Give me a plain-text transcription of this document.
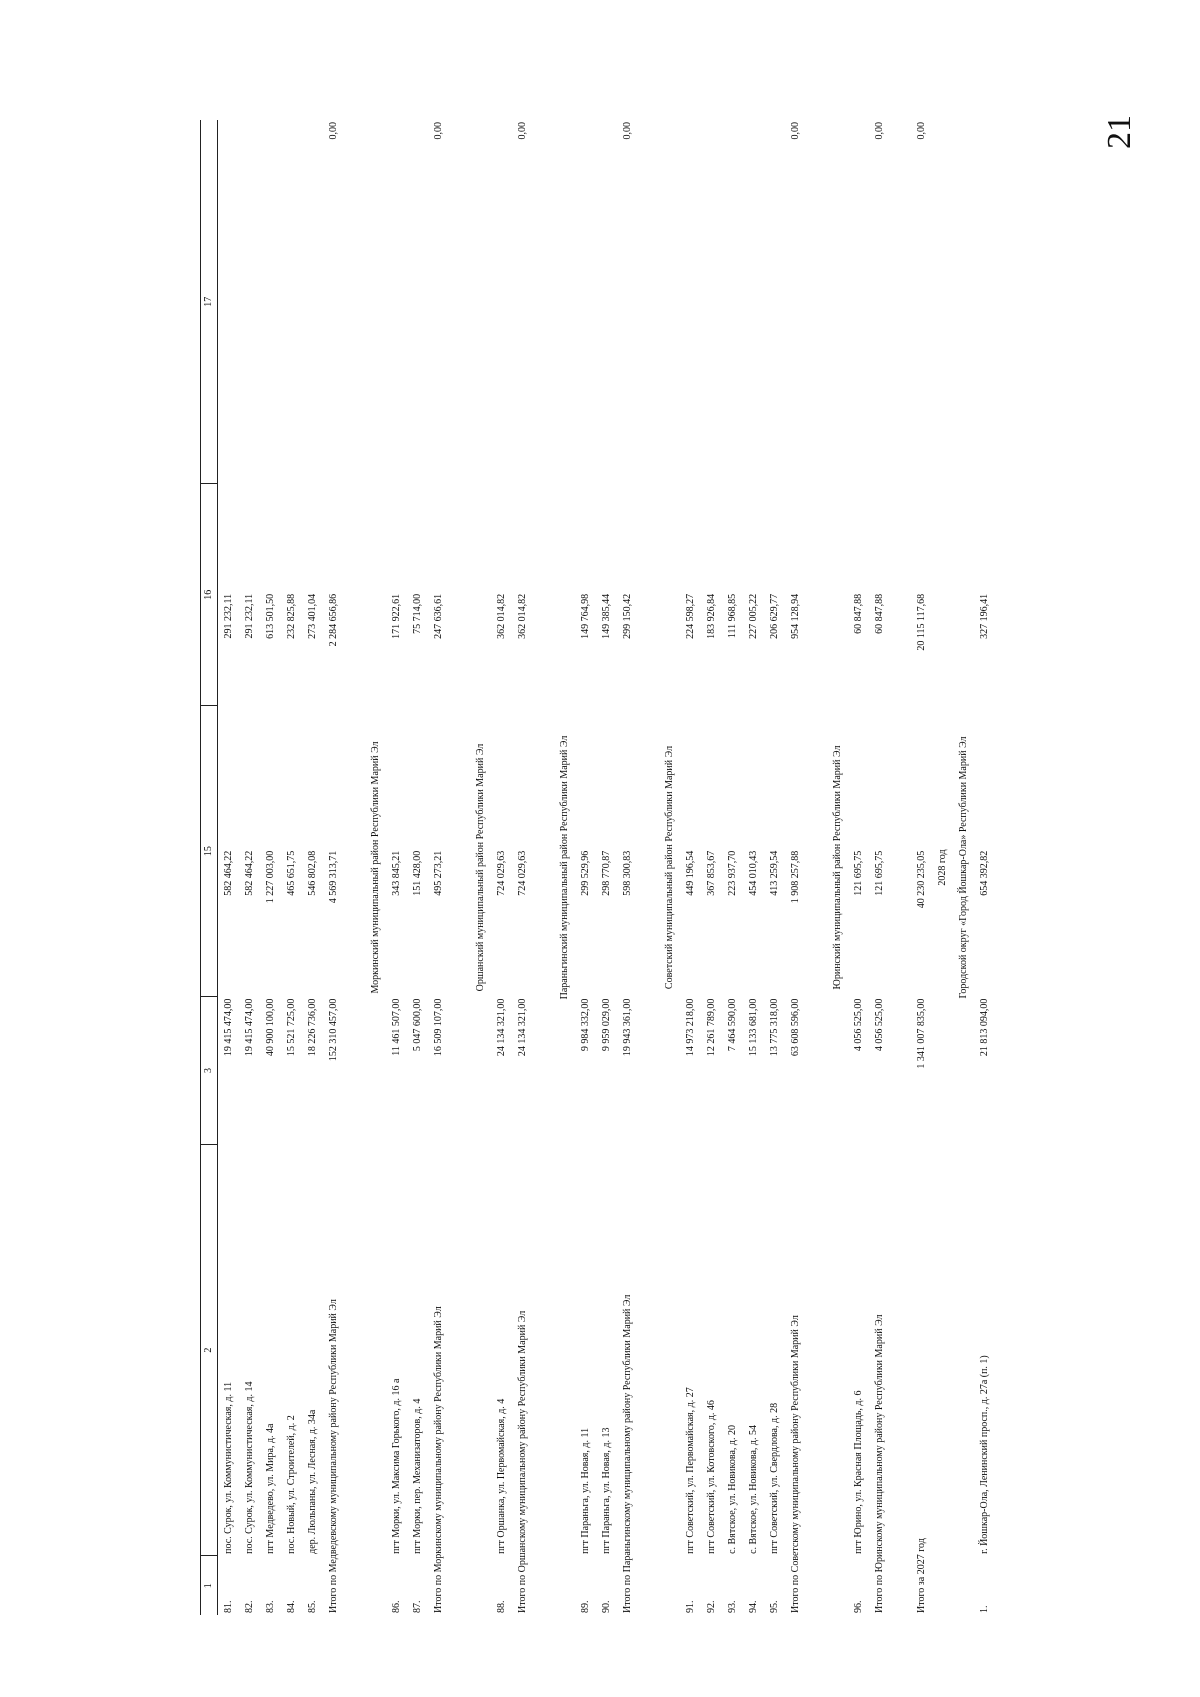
21
1	2	3	15		16		17	
81.	пос. Сурок, ул. Коммунистическая, д. 11	19 415 474,00	582 464,22		291 232,11			
82.	пос. Сурок, ул. Коммунистическая, д. 14	19 415 474,00	582 464,22		291 232,11			
83.	пгт Медведево, ул. Мира, д. 4а	40 900 100,00	1 227 003,00		613 501,50			
84.	пос. Новый, ул. Строителей, д. 2	15 521 725,00	465 651,75		232 825,88			
85.	дер. Люльпаны, ул. Лесная, д. 34а	18 226 736,00	546 802,08		273 401,04			
Итого по Медведевскому муниципальному району Республики Марий Эл		152 310 457,00	4 569 313,71		2 284 656,86			0,00

Моркинский муниципальный район Республики Марий Эл								
86.	пгт Морки, ул. Максима Горького, д. 16 а	11 461 507,00	343 845,21		171 922,61			
87.	пгт Морки, пер. Механизаторов, д. 4	5 047 600,00	151 428,00		75 714,00			
Итого по Моркинскому муниципальному району Республики Марий Эл		16 509 107,00	495 273,21		247 636,61			0,00

Оршанский муниципальный район Республики Марий Эл								
88.	пгт Оршанка, ул. Первомайская, д. 4	24 134 321,00	724 029,63		362 014,82			
Итого по Оршанскому муниципальному району Республики Марий Эл		24 134 321,00	724 029,63		362 014,82			0,00

Параньгинский муниципальный район Республики Марий Эл								
89.	пгт Параньга, ул. Новая, д. 11	9 984 332,00	299 529,96		149 764,98			
90.	пгт Параньга, ул. Новая, д. 13	9 959 029,00	298 770,87		149 385,44			
Итого по Параньгинскому муниципальному району Республики Марий Эл		19 943 361,00	598 300,83		299 150,42			0,00

Советский муниципальный район Республики Марий Эл								
91.	пгт Советский, ул. Первомайская, д. 27	14 973 218,00	449 196,54		224 598,27			
92.	пгт Советский, ул. Котовского, д. 46	12 261 789,00	367 853,67		183 926,84			
93.	с. Вятское, ул. Новикова, д. 20	7 464 590,00	223 937,70		111 968,85			
94.	с. Вятское, ул. Новикова, д. 54	15 133 681,00	454 010,43		227 005,22			
95.	пгт Советский, ул. Свердлова, д. 28	13 775 318,00	413 259,54		206 629,77			
Итого по Советскому муниципальному району Республики Марий Эл		63 608 596,00	1 908 257,88		954 128,94			0,00

Юринский муниципальный район Республики Марий Эл								
96.	пгт Юрино, ул. Красная Площадь, д. 6	4 056 525,00	121 695,75		60 847,88			
Итого по Юринскому муниципальному району Республики Марий Эл		4 056 525,00	121 695,75		60 847,88			0,00

Итого за 2027 год		1 341 007 835,00	40 230 235,05		20 115 117,68			0,00
2028 год								
Городской округ «Город Йошкар-Ола» Республики Марий Эл								
1.	г. Йошкар-Ола, Ленинский просп., д. 27а (п. 1)	21 813 094,00	654 392,82		327 196,41			
